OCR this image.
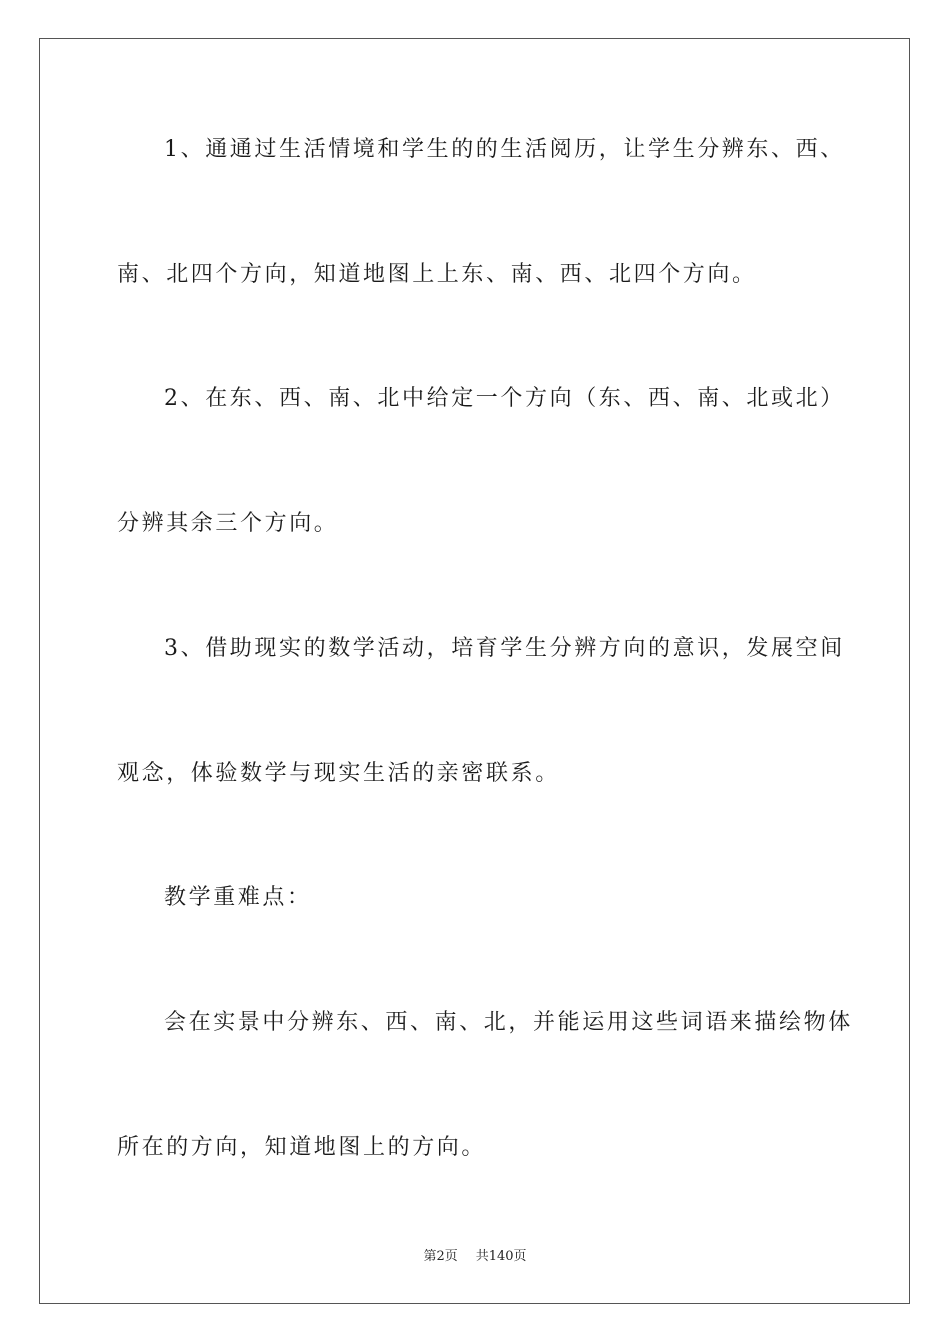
1、通通过生活情境和学生的的生活阅历，让学生分辨东、西、
南、北四个方向，知道地图上上东、南、西、北四个方向。
2、在东、西、南、北中给定一个方向（东、西、南、北或北）
分辨其余三个方向。
3、借助现实的数学活动，培育学生分辨方向的意识，发展空间
观念，体验数学与现实生活的亲密联系。
教学重难点：
会在实景中分辨东、西、南、北，并能运用这些词语来描绘物体
所在的方向，知道地图上的方向。
第2页 共140页
